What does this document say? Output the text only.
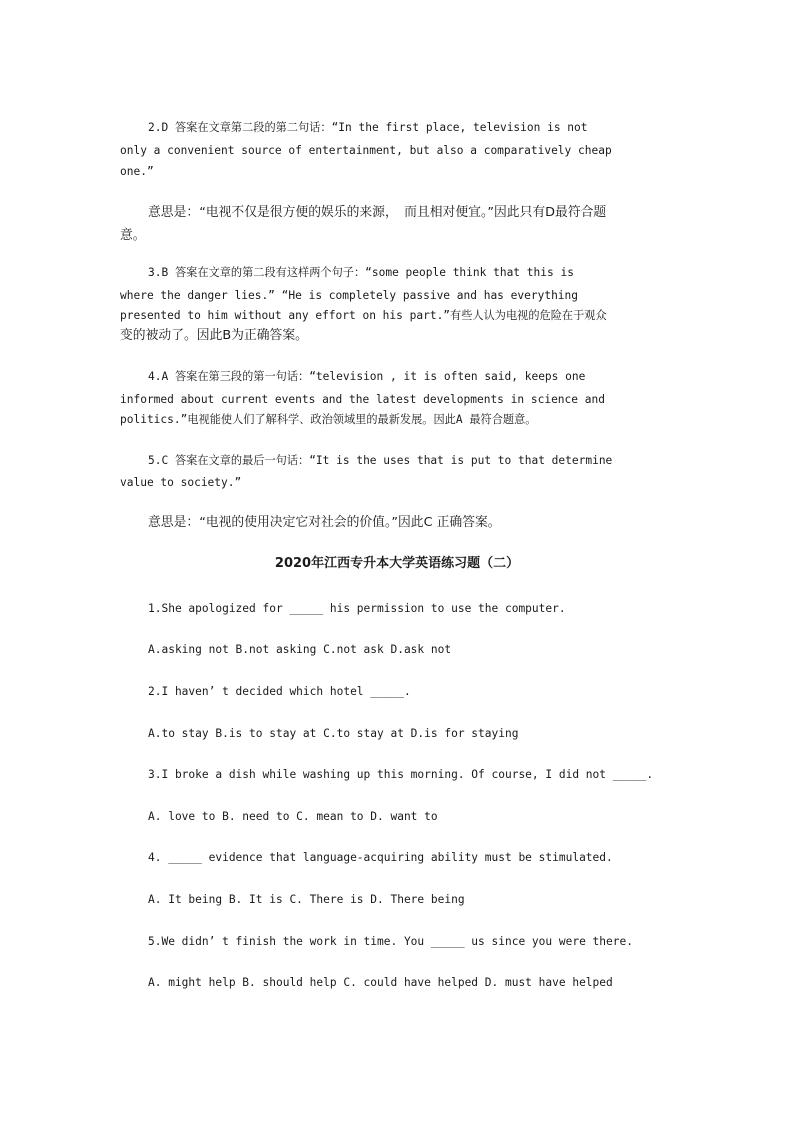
2.D 答案在文章第二段的第二句话：“In the first place, television is not
only a convenient source of entertainment, but also a comparatively cheap
one.”
意思是：“电视不仅是很方便的娱乐的来源，　而且相对便宜。”因此只有D最符合题
意。
3.B 答案在文章的第二段有这样两个句子：“some people think that this is
where the danger lies.” “He is completely passive and has everything
presented to him without any effort on his part.”有些人认为电视的危险在于观众
变的被动了。因此B为正确答案。
4.A 答案在第三段的第一句话：“television , it is often said, keeps one
informed about current events and the latest developments in science and
politics.”电视能使人们了解科学、政治领域里的最新发展。因此A 最符合题意。
5.C 答案在文章的最后一句话：“It is the uses that is put to that determine
value to society.”
意思是：“电视的使用决定它对社会的价值。”因此C 正确答案。
2020年江西专升本大学英语练习题（二）
1.She apologized for _____ his permission to use the computer.
A.asking not B.not asking C.not ask D.ask not
2.I haven’ t decided which hotel _____.
A.to stay B.is to stay at C.to stay at D.is for staying
3.I broke a dish while washing up this morning. Of course, I did not _____.
A. love to B. need to C. mean to D. want to
4. _____ evidence that language-acquiring ability must be stimulated.
A. It being B. It is C. There is D. There being
5.We didn’ t finish the work in time. You _____ us since you were there.
A. might help B. should help C. could have helped D. must have helped
